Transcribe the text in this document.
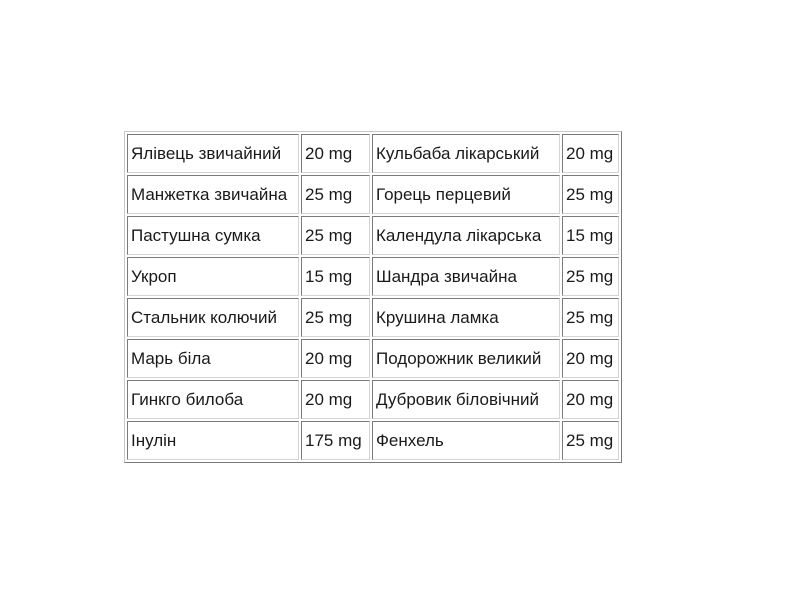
Ялівець звичайний	20 mg	Кульбаба лікарський	20 mg
Манжетка звичайна	25 mg	Горець перцевий	25 mg
Пастушна сумка	25 mg	Календула лікарська	15 mg
Укроп	15 mg	Шандра звичайна	25 mg
Стальник колючий	25 mg	Крушина ламка	25 mg
Марь біла	20 mg	Подорожник великий	20 mg
Гинкго билоба	20 mg	Дубровик біловічний	20 mg
Інулін	175 mg	Фенхель	25 mg
